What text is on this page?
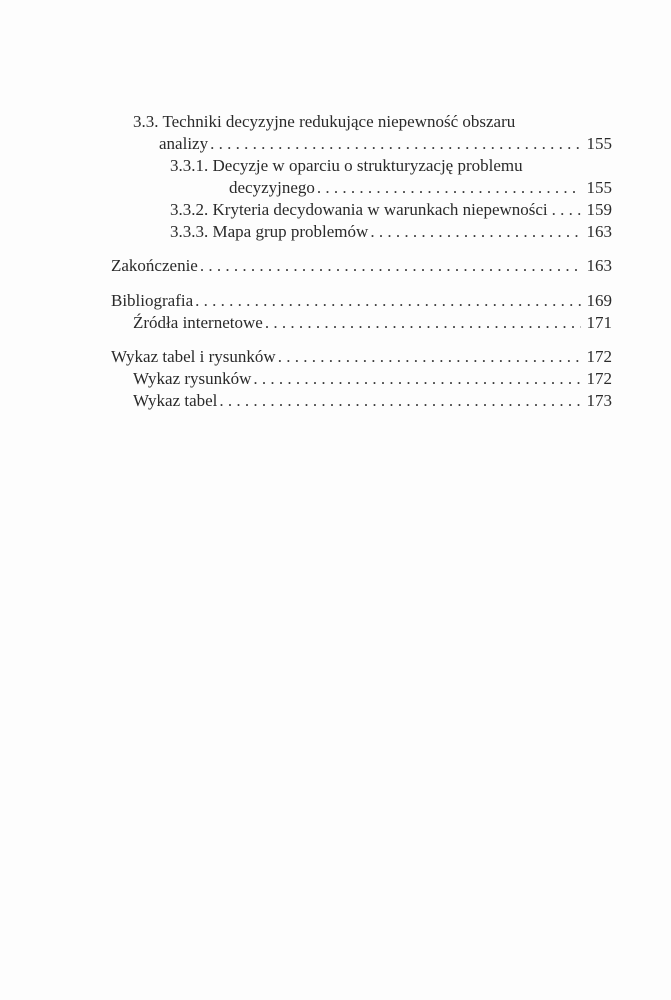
3.3. Techniki decyzyjne redukujące niepewność obszaru
analizy . . .	155
3.3.1. Decyzje w oparciu o strukturyzację problemu
decyzyjnego . . .	155
3.3.2. Kryteria decydowania w warunkach niepewności . . . 159
3.3.3. Mapa grup problemów . . .	163
Zakończenie . . .	163
Bibliografia . . .	169
Źródła internetowe . . .	171
Wykaz tabel i rysunków . . .	172
Wykaz rysunków . . .	172
Wykaz tabel . . .	173
